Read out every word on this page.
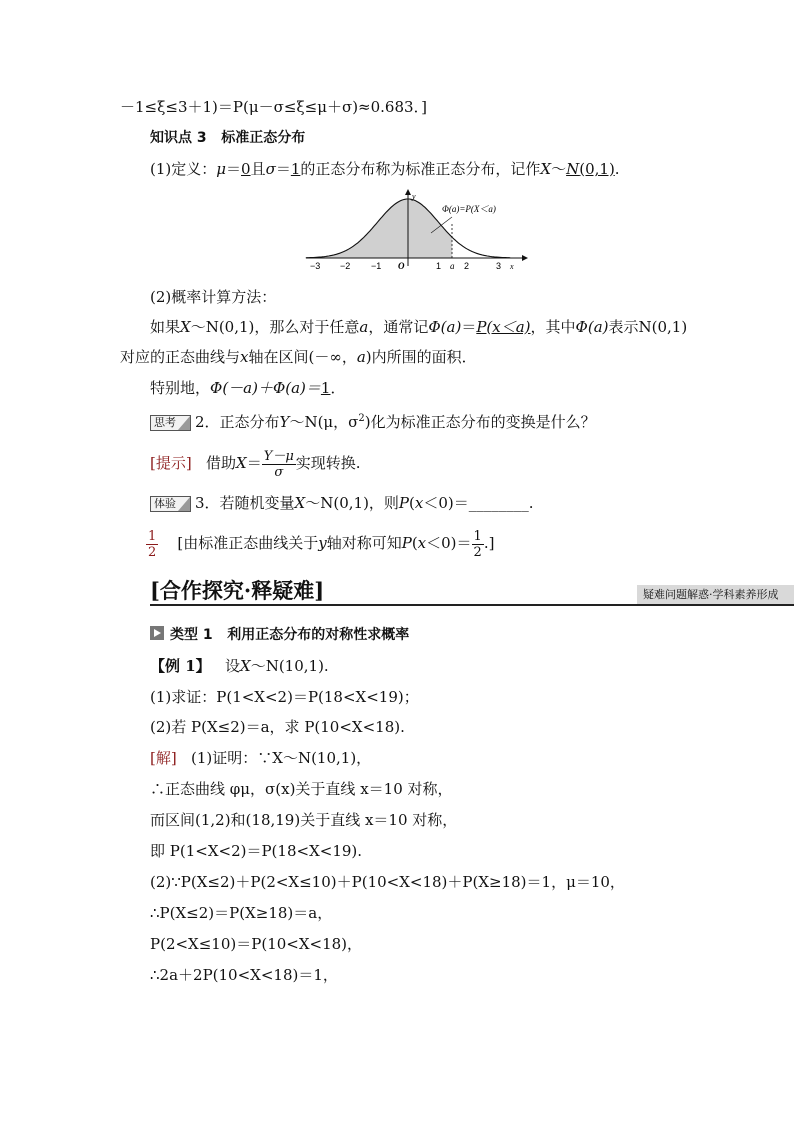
－1≤ξ≤3＋1)＝P(μ－σ≤ξ≤μ＋σ)≈0.683．]
知识点 3 标准正态分布
(1)定义：μ＝0且σ＝1的正态分布称为标准正态分布，记作X～N(0,1).
Φ(a)=P(X＜a)
y
x
O	a
−3 −2 −1	1	2	3
(2)概率计算方法：
如果X～N(0,1)，那么对于任意a，通常记Φ(a)＝P(x＜a)，其中Φ(a)表示N(0,1)
对应的正态曲线与x轴在区间(－∞，a)内所围的面积．
特别地，Φ(－a)＋Φ(a)＝1．
思考 2．正态分布Y～N(μ，$\sigma^2$)化为标准正态分布的变换是什么？
[提示] 借助$X= \frac{Y-\mu}{\sigma}$ 实现转换.
体验 3．若随机变量X～N(0,1)，则P(x＜0)＝________.
$\frac{1}{2}$ [由标准正态曲线关于y轴对称可知$P(x<0)= \frac{1}{2}$ .]
[合作探究·释疑难]	疑难问题解惑·学科素养形成
类型 1 利用正态分布的对称性求概率
【例 1】 设X～N(10,1).
(1)求证：P(1<X<2)＝P(18<X<19)；
(2)若 P(X≤2)＝a，求 P(10<X<18).
[解] (1)证明：∵X～N(10,1)，
∴正态曲线 φμ，σ(x)关于直线 x＝10 对称，
而区间(1,2)和(18,19)关于直线 x＝10 对称，
即 P(1<X<2)＝P(18<X<19).
(2)∵P(X≤2)＋P(2<X≤10)＋P(10<X<18)＋P(X≥18)＝1，μ＝10，
∴P(X≤2)＝P(X≥18)＝a，
P(2<X≤10)＝P(10<X<18)，
∴2a＋2P(10<X<18)＝1，
